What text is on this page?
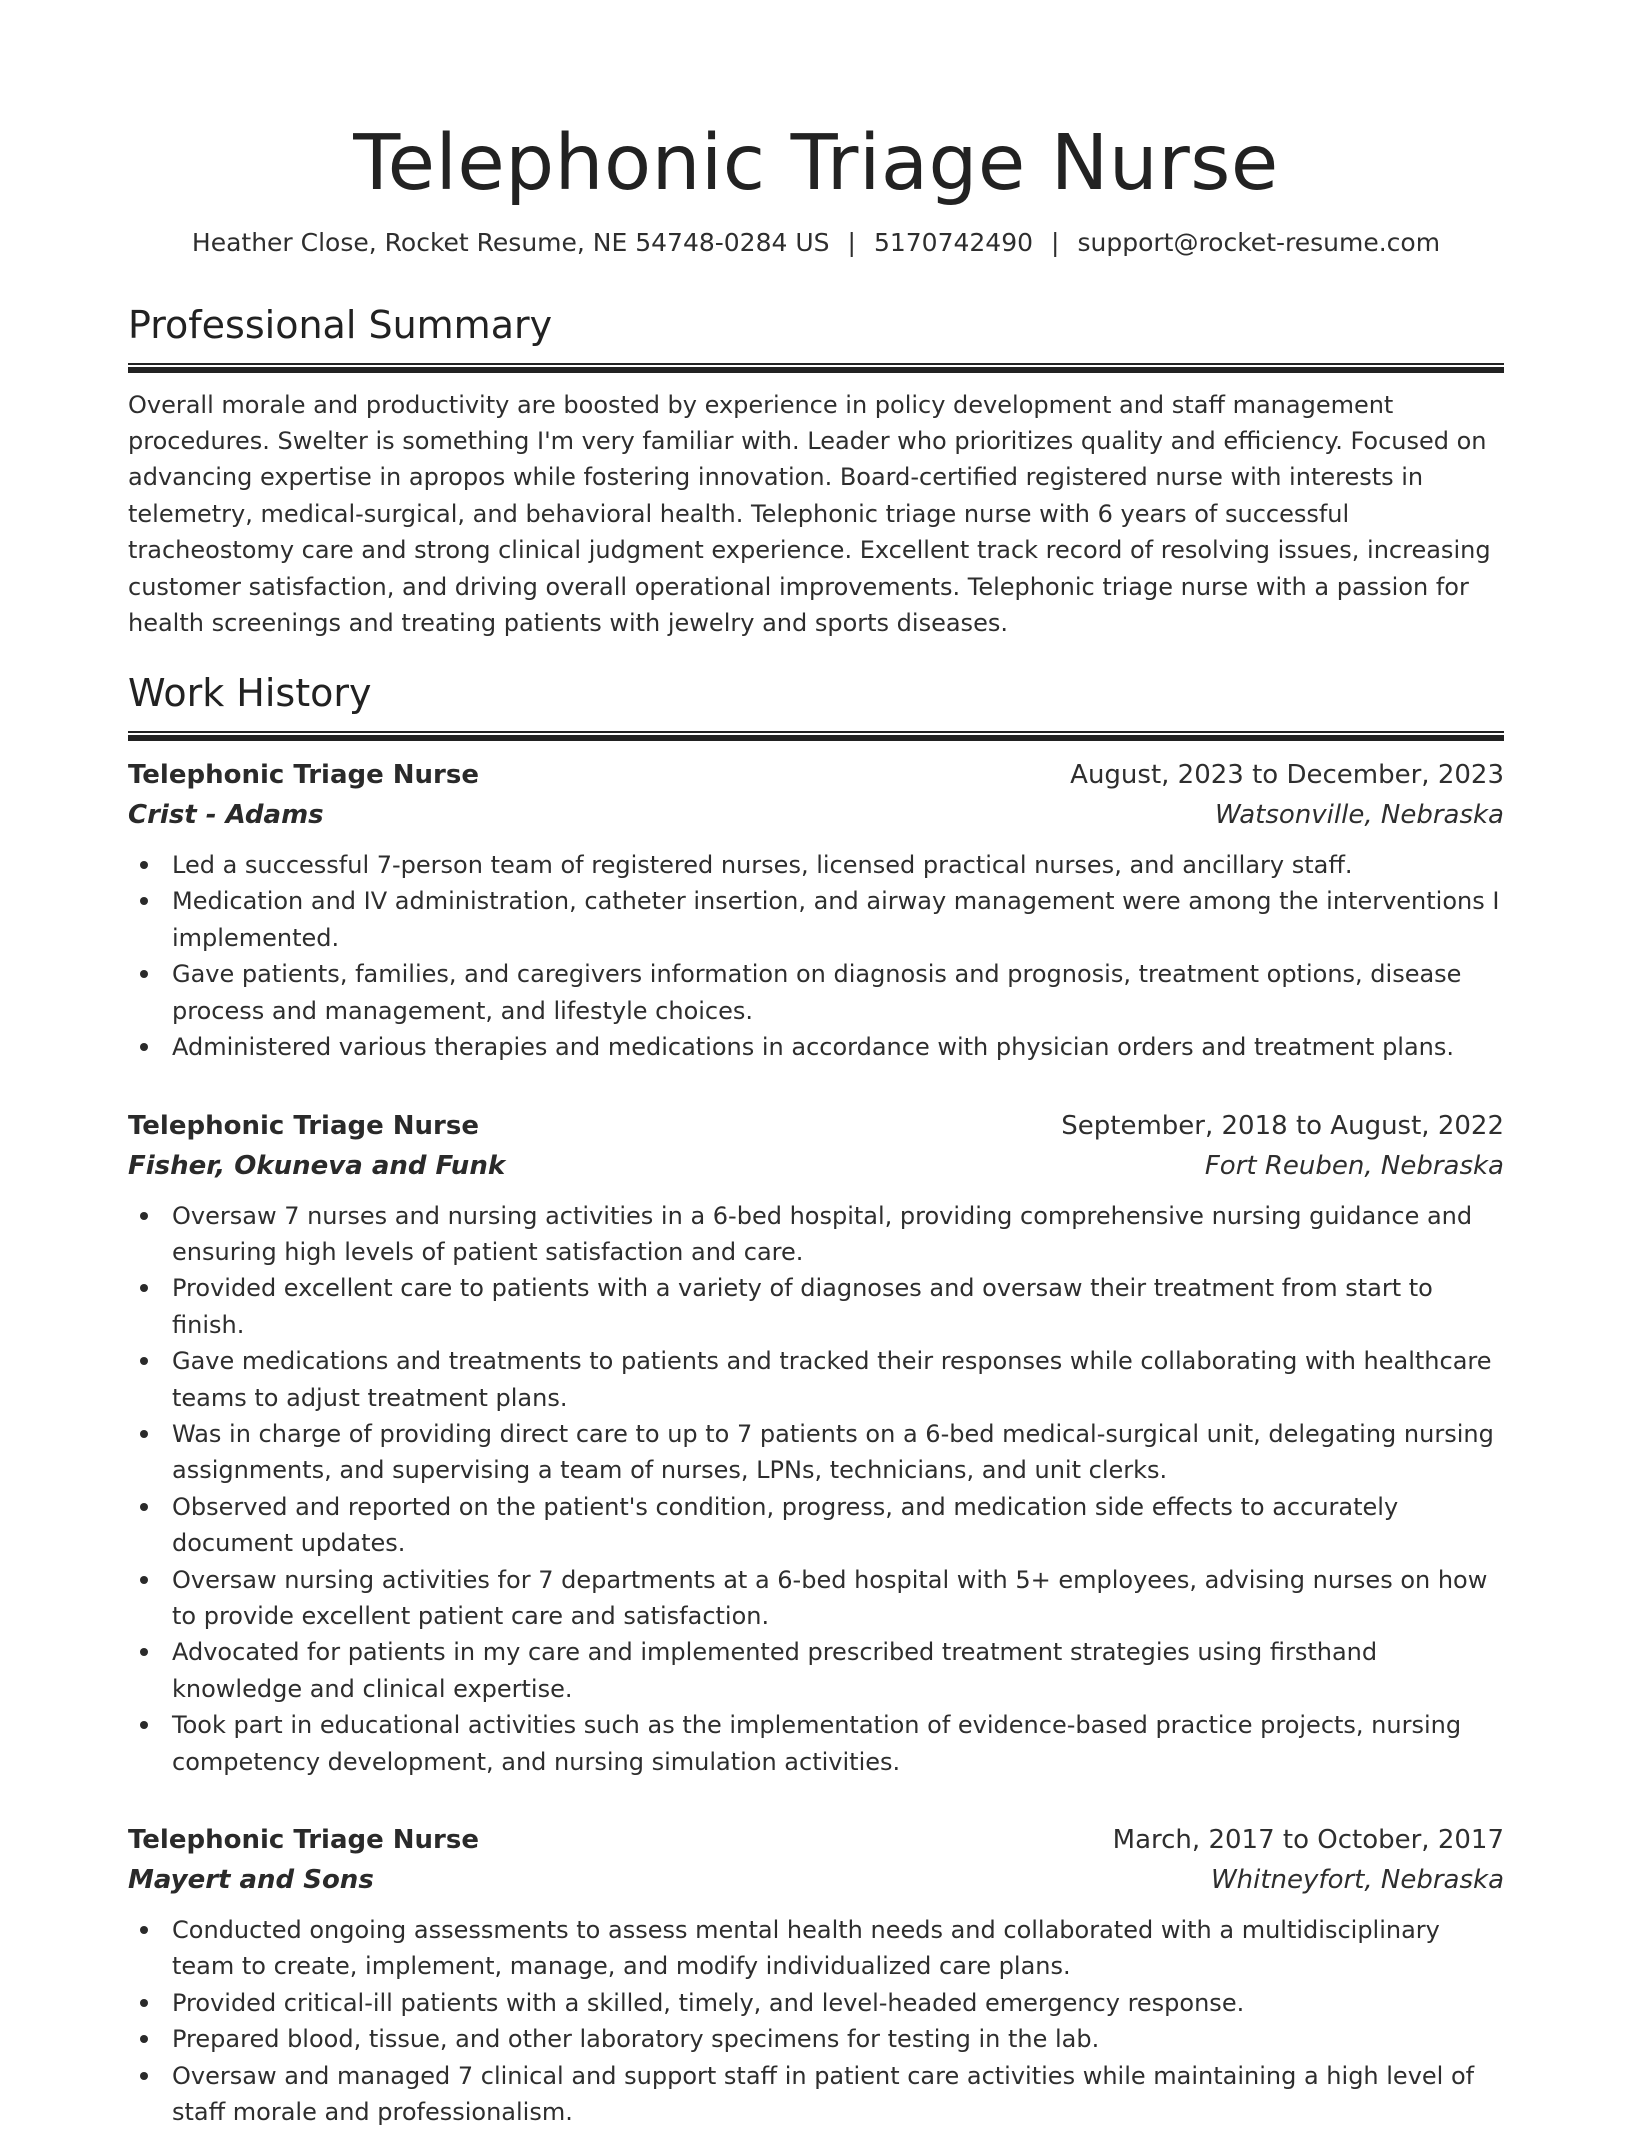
Telephonic Triage Nurse
Heather Close, Rocket Resume, NE 54748-0284 US | 5170742490 | support@rocket-resume.com
Professional Summary

Overall morale and productivity are boosted by experience in policy development and staff management procedures. Swelter is something I'm very familiar with. Leader who prioritizes quality and efficiency. Focused on advancing expertise in apropos while fostering innovation. Board-certified registered nurse with interests in telemetry, medical-surgical, and behavioral health. Telephonic triage nurse with 6 years of successful tracheostomy care and strong clinical judgment experience. Excellent track record of resolving issues, increasing customer satisfaction, and driving overall operational improvements. Telephonic triage nurse with a passion for health screenings and treating patients with jewelry and sports diseases.

Work History
Telephonic Triage Nurse	August, 2023 to December, 2023
Crist - Adams	Watsonville, Nebraska
Led a successful 7-person team of registered nurses, licensed practical nurses, and ancillary staff.
Medication and IV administration, catheter insertion, and airway management were among the interventions I implemented.
Gave patients, families, and caregivers information on diagnosis and prognosis, treatment options, disease process and management, and lifestyle choices.
Administered various therapies and medications in accordance with physician orders and treatment plans.
Telephonic Triage Nurse	September, 2018 to August, 2022
Fisher, Okuneva and Funk	Fort Reuben, Nebraska
Oversaw 7 nurses and nursing activities in a 6-bed hospital, providing comprehensive nursing guidance and ensuring high levels of patient satisfaction and care.
Provided excellent care to patients with a variety of diagnoses and oversaw their treatment from start to finish.
Gave medications and treatments to patients and tracked their responses while collaborating with healthcare teams to adjust treatment plans.
Was in charge of providing direct care to up to 7 patients on a 6-bed medical-surgical unit, delegating nursing assignments, and supervising a team of nurses, LPNs, technicians, and unit clerks.
Observed and reported on the patient's condition, progress, and medication side effects to accurately document updates.
Oversaw nursing activities for 7 departments at a 6-bed hospital with 5+ employees, advising nurses on how to provide excellent patient care and satisfaction.
Advocated for patients in my care and implemented prescribed treatment strategies using firsthand knowledge and clinical expertise.
Took part in educational activities such as the implementation of evidence-based practice projects, nursing competency development, and nursing simulation activities.
Telephonic Triage Nurse	March, 2017 to October, 2017
Mayert and Sons	Whitneyfort, Nebraska
Conducted ongoing assessments to assess mental health needs and collaborated with a multidisciplinary team to create, implement, manage, and modify individualized care plans.
Provided critical-ill patients with a skilled, timely, and level-headed emergency response.
Prepared blood, tissue, and other laboratory specimens for testing in the lab.
Oversaw and managed 7 clinical and support staff in patient care activities while maintaining a high level of staff morale and professionalism.
